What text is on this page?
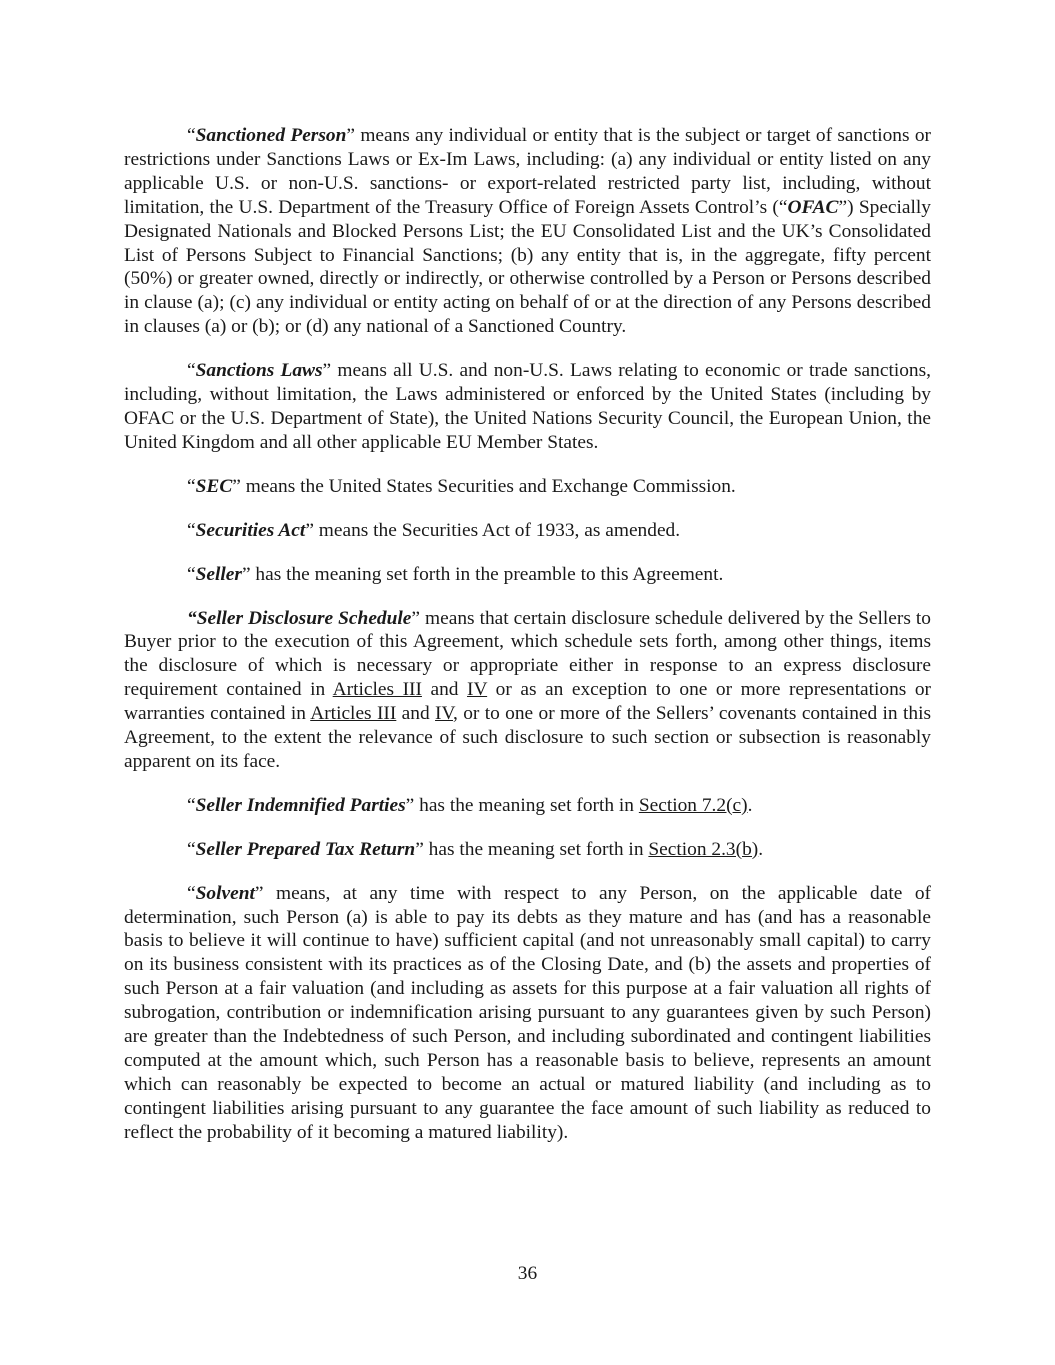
“Sanctioned Person” means any individual or entity that is the subject or target of sanctions or restrictions under Sanctions Laws or Ex-Im Laws, including: (a) any individual or entity listed on any applicable U.S. or non-U.S. sanctions- or export-related restricted party list, including, without limitation, the U.S. Department of the Treasury Office of Foreign Assets Control’s (“OFAC”) Specially Designated Nationals and Blocked Persons List; the EU Consolidated List and the UK’s Consolidated List of Persons Subject to Financial Sanctions; (b) any entity that is, in the aggregate, fifty percent (50%) or greater owned, directly or indirectly, or otherwise controlled by a Person or Persons described in clause (a); (c) any individual or entity acting on behalf of or at the direction of any Persons described in clauses (a) or (b); or (d) any national of a Sanctioned Country.

“Sanctions Laws” means all U.S. and non-U.S. Laws relating to economic or trade sanctions, including, without limitation, the Laws administered or enforced by the United States (including by OFAC or the U.S. Department of State), the United Nations Security Council, the European Union, the United Kingdom and all other applicable EU Member States.

“SEC” means the United States Securities and Exchange Commission.

“Securities Act” means the Securities Act of 1933, as amended.

“Seller” has the meaning set forth in the preamble to this Agreement.

“Seller Disclosure Schedule” means that certain disclosure schedule delivered by the Sellers to Buyer prior to the execution of this Agreement, which schedule sets forth, among other things, items the disclosure of which is necessary or appropriate either in response to an express disclosure requirement contained in Articles III and IV or as an exception to one or more representations or warranties contained in Articles III and IV, or to one or more of the Sellers’ covenants contained in this Agreement, to the extent the relevance of such disclosure to such section or subsection is reasonably apparent on its face.

“Seller Indemnified Parties” has the meaning set forth in Section 7.2(c).

“Seller Prepared Tax Return” has the meaning set forth in Section 2.3(b).

“Solvent” means, at any time with respect to any Person, on the applicable date of determination, such Person (a) is able to pay its debts as they mature and has (and has a reasonable basis to believe it will continue to have) sufficient capital (and not unreasonably small capital) to carry on its business consistent with its practices as of the Closing Date, and (b) the assets and properties of such Person at a fair valuation (and including as assets for this purpose at a fair valuation all rights of subrogation, contribution or indemnification arising pursuant to any guarantees given by such Person) are greater than the Indebtedness of such Person, and including subordinated and contingent liabilities computed at the amount which, such Person has a reasonable basis to believe, represents an amount which can reasonably be expected to become an actual or matured liability (and including as to contingent liabilities arising pursuant to any guarantee the face amount of such liability as reduced to reflect the probability of it becoming a matured liability).

36
